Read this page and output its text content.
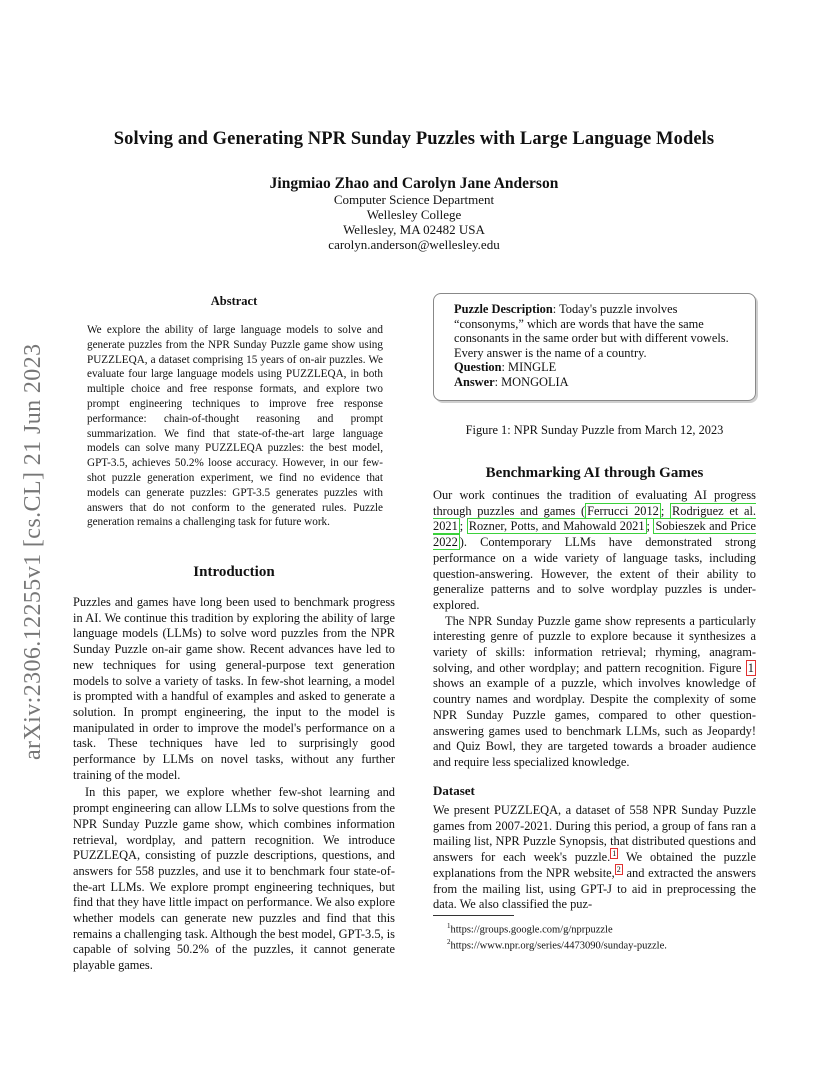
Solving and Generating NPR Sunday Puzzles with Large Language Models
Jingmiao Zhao and Carolyn Jane Anderson
Computer Science Department
Wellesley College
Wellesley, MA 02482 USA
carolyn.anderson@wellesley.edu
arXiv:2306.12255v1 [cs.CL] 21 Jun 2023
Abstract
We explore the ability of large language models to solve and generate puzzles from the NPR Sunday Puzzle game show using PUZZLEQA, a dataset comprising 15 years of on-air puzzles. We evaluate four large language models using PUZZLEQA, in both multiple choice and free response formats, and explore two prompt engineering techniques to improve free response performance: chain-of-thought reasoning and prompt summarization. We find that state-of-the-art large language models can solve many PUZZLEQA puzzles: the best model, GPT-3.5, achieves 50.2% loose accuracy. However, in our few-shot puzzle generation experiment, we find no evidence that models can generate puzzles: GPT-3.5 generates puzzles with answers that do not conform to the generated rules. Puzzle generation remains a challenging task for future work.
Introduction

Puzzles and games have long been used to benchmark progress in AI. We continue this tradition by exploring the ability of large language models (LLMs) to solve word puzzles from the NPR Sunday Puzzle on-air game show. Recent advances have led to new techniques for using general-purpose text generation models to solve a variety of tasks. In few-shot learning, a model is prompted with a handful of examples and asked to generate a solution. In prompt engineering, the input to the model is manipulated in order to improve the model's performance on a task. These techniques have led to surprisingly good performance by LLMs on novel tasks, without any further training of the model.

In this paper, we explore whether few-shot learning and prompt engineering can allow LLMs to solve questions from the NPR Sunday Puzzle game show, which combines information retrieval, wordplay, and pattern recognition. We introduce PUZZLEQA, consisting of puzzle descriptions, questions, and answers for 558 puzzles, and use it to benchmark four state-of-the-art LLMs. We explore prompt engineering techniques, but find that they have little impact on performance. We also explore whether models can generate new puzzles and find that this remains a challenging task. Although the best model, GPT-3.5, is capable of solving 50.2% of the puzzles, it cannot generate playable games.

Puzzle Description: Today's puzzle involves “consonyms,” which are words that have the same consonants in the same order but with different vowels. Every answer is the name of a country.
Question: MINGLE
Answer: MONGOLIA
Figure 1: NPR Sunday Puzzle from March 12, 2023
Benchmarking AI through Games

Our work continues the tradition of evaluating AI progress through puzzles and games ( Ferrucci 2012 ; Rodriguez et al. 2021 ; Rozner, Potts, and Mahowald 2021 ; Sobieszek and Price 2022 ). Contemporary LLMs have demonstrated strong performance on a wide variety of language tasks, including question-answering. However, the extent of their ability to generalize patterns and to solve wordplay puzzles is under-explored.

The NPR Sunday Puzzle game show represents a particularly interesting genre of puzzle to explore because it synthesizes a variety of skills: information retrieval; rhyming, anagram-solving, and other wordplay; and pattern recognition. Figure 1 shows an example of a puzzle, which involves knowledge of country names and wordplay. Despite the complexity of some NPR Sunday Puzzle games, compared to other question-answering games used to benchmark LLMs, such as Jeopardy! and Quiz Bowl, they are targeted towards a broader audience and require less specialized knowledge.

Dataset

We present PUZZLEQA, a dataset of 558 NPR Sunday Puzzle games from 2007-2021. During this period, a group of fans ran a mailing list, NPR Puzzle Synopsis, that distributed questions and answers for each week's puzzle. $^1$ We obtained the puzzle explanations from the NPR website, $^2$ and extracted the answers from the mailing list, using GPT-J to aid in preprocessing the data. We also classified the puz-

$^1$https://groups.google.com/g/nprpuzzle
$^2$https://www.npr.org/series/4473090/sunday-puzzle.
